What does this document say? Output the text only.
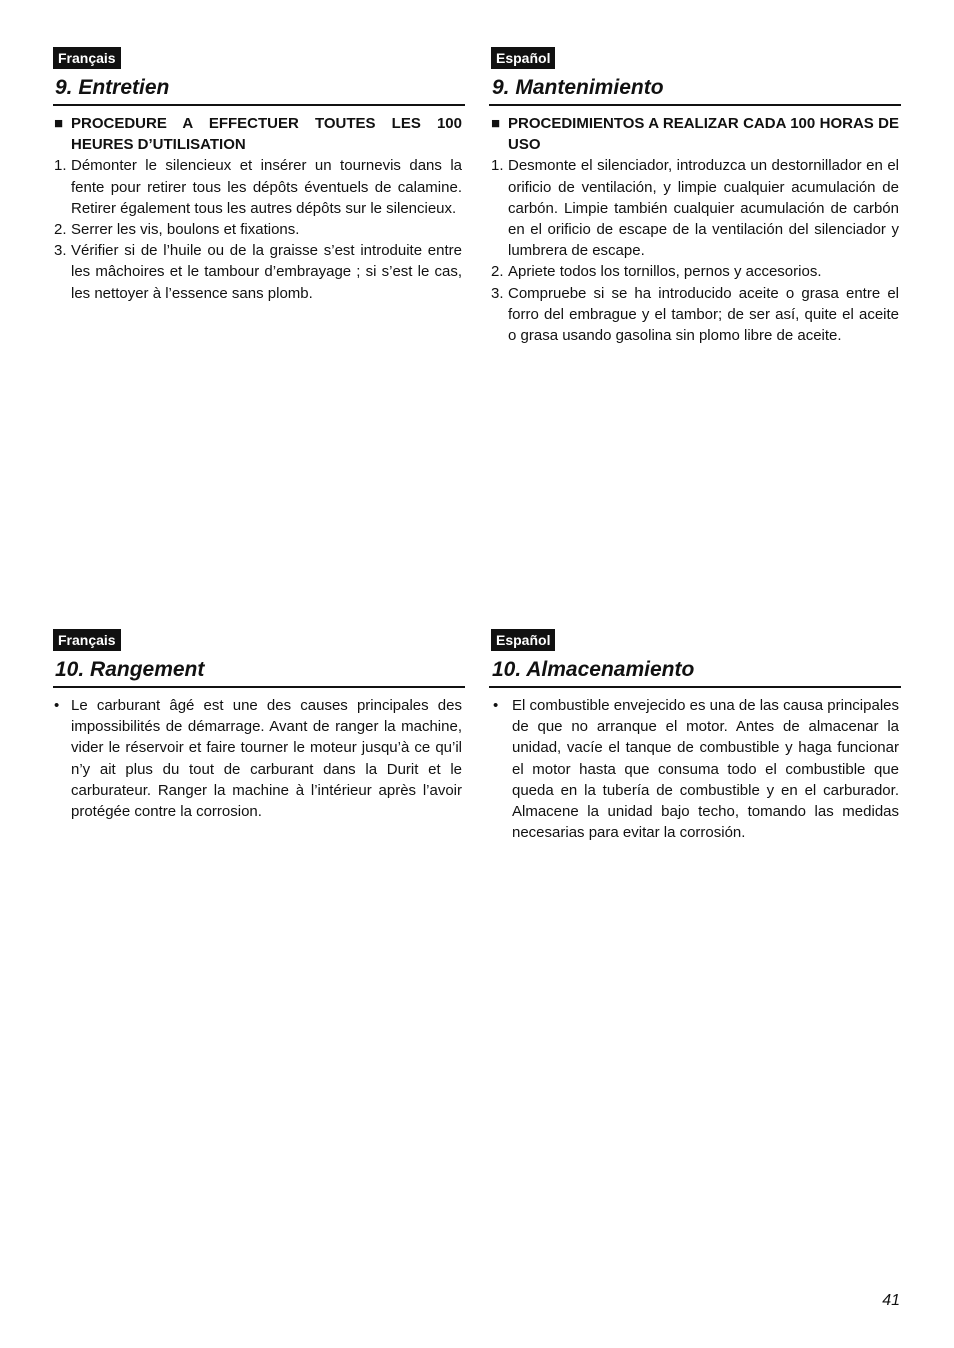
Français
9. Entretien
■ PROCEDURE A EFFECTUER TOUTES LES 100 HEURES D’UTILISATION
1. Démonter le silencieux et insérer un tournevis dans la fente pour retirer tous les dépôts éventuels de calamine. Retirer également tous les autres dépôts sur le silencieux.
2. Serrer les vis, boulons et fixations.
3. Vérifier si de l’huile ou de la graisse s’est introduite entre les mâchoires et le tambour d’embrayage ; si s’est le cas, les nettoyer à l’essence sans plomb.
Español
9. Mantenimiento
■ PROCEDIMIENTOS A REALIZAR CADA 100 HORAS DE USO
1. Desmonte el silenciador, introduzca un destornillador en el orificio de ventilación, y limpie cualquier acumulación de carbón. Limpie también cualquier acumulación de carbón en el orificio de escape de la ventilación del silenciador y lumbrera de escape.
2. Apriete todos los tornillos, pernos y accesorios.
3. Compruebe si se ha introducido aceite o grasa entre el forro del embrague y el tambor; de ser así, quite el aceite o grasa usando gasolina sin plomo libre de aceite.
Français
10. Rangement
• Le carburant âgé est une des causes principales des impossibilités de démarrage. Avant de ranger la machine, vider le réservoir et faire tourner le moteur jusqu’à ce qu’il n’y ait plus du tout de carburant dans la Durit et le carburateur. Ranger la machine à l’intérieur après l’avoir protégée contre la corrosion.
Español
10. Almacenamiento
• El combustible envejecido es una de las causa principales de que no arranque el motor. Antes de almacenar la unidad, vacíe el tanque de combustible y haga funcionar el motor hasta que consuma todo el combustible que queda en la tubería de combustible y en el carburador. Almacene la unidad bajo techo, tomando las medidas necesarias para evitar la corrosión.
41
